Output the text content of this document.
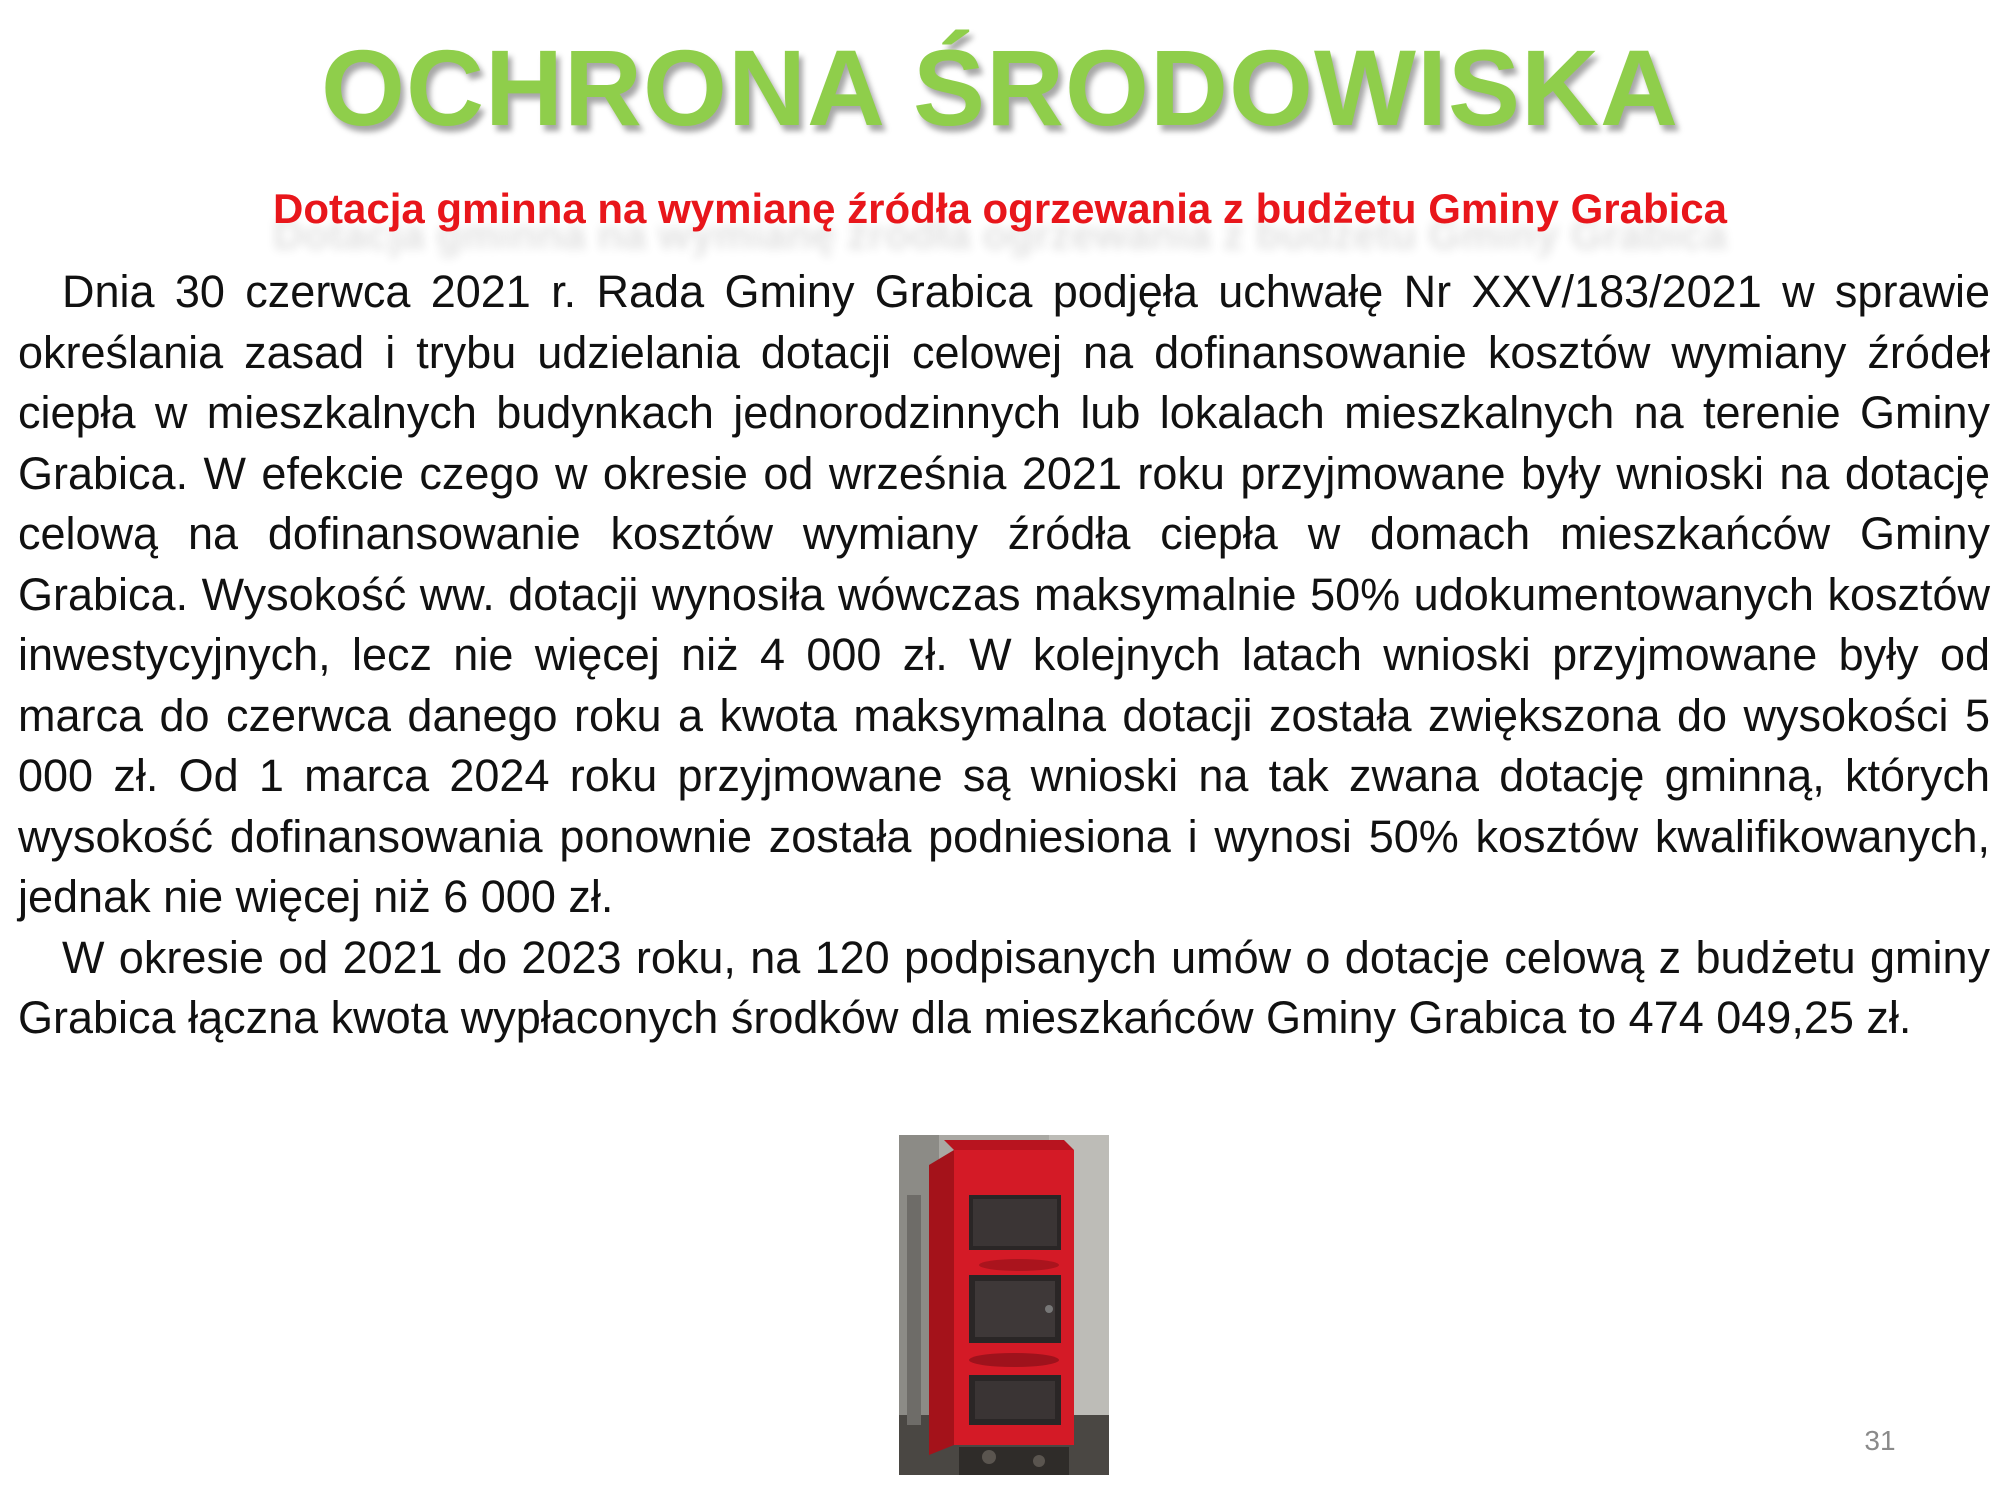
OCHRONA ŚRODOWISKA
Dotacja gminna na wymianę źródła ogrzewania z budżetu Gminy Grabica

Dnia 30 czerwca 2021 r. Rada Gminy Grabica podjęła uchwałę Nr XXV/183/2021 w sprawie określania zasad i trybu udzielania dotacji celowej na dofinansowanie kosztów wymiany źródeł ciepła w mieszkalnych budynkach jednorodzinnych lub lokalach mieszkalnych na terenie Gminy Grabica. W efekcie czego w okresie od września 2021 roku przyjmowane były wnioski na dotację celową na dofinansowanie kosztów wymiany źródła ciepła w domach mieszkańców Gminy Grabica. Wysokość ww. dotacji wynosiła wówczas maksymalnie 50% udokumentowanych kosztów inwestycyjnych, lecz nie więcej niż 4 000 zł. W kolejnych latach wnioski przyjmowane były od marca do czerwca danego roku a kwota maksymalna dotacji została zwiększona do wysokości 5 000 zł. Od 1 marca 2024 roku przyjmowane są wnioski na tak zwana dotację gminną, których wysokość dofinansowania ponownie została podniesiona i wynosi 50% kosztów kwalifikowanych, jednak nie więcej niż 6 000 zł.

W okresie od 2021 do 2023 roku, na 120 podpisanych umów o dotacje celową z budżetu gminy Grabica łączna kwota wypłaconych środków dla mieszkańców Gminy Grabica to 474 049,25 zł.

31
